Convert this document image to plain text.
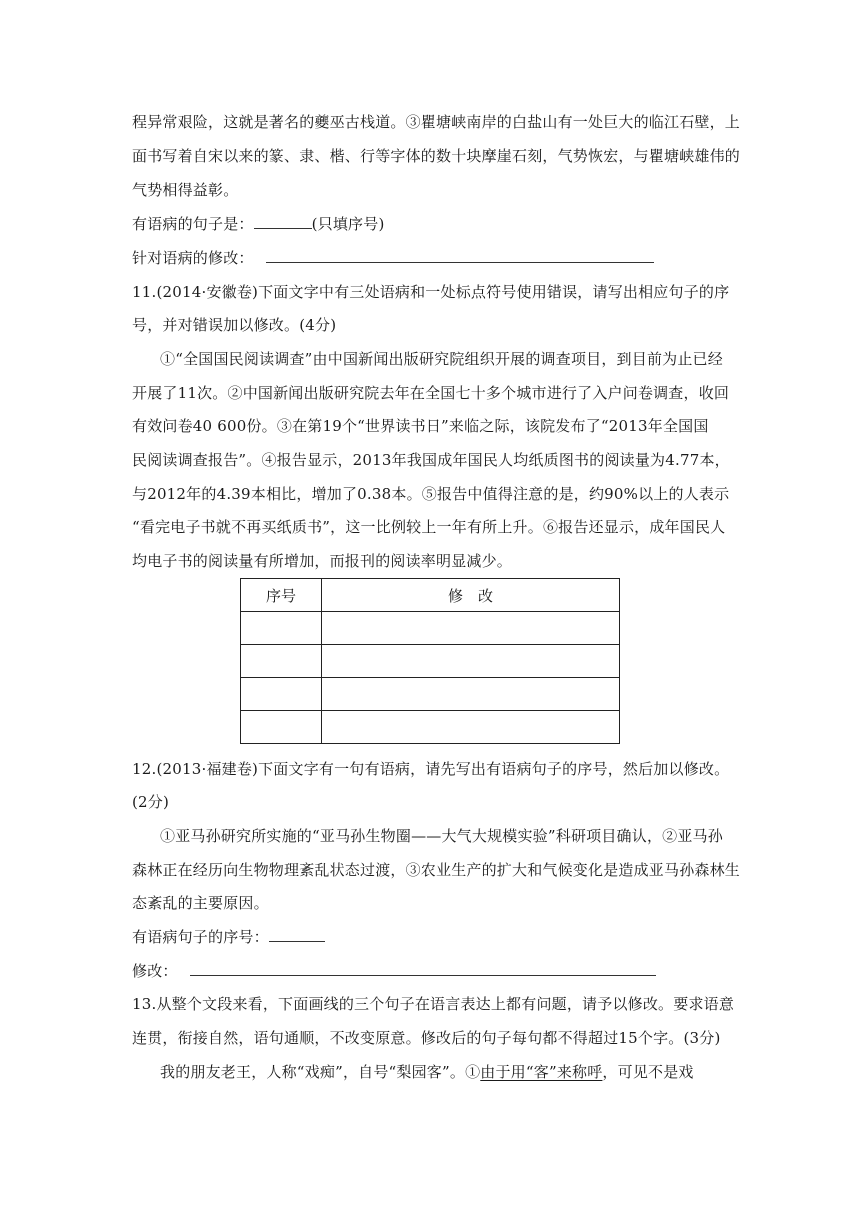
程异常艰险，这就是著名的夔巫古栈道。③瞿塘峡南岸的白盐山有一处巨大的临江石壁，上

面书写着自宋以来的篆、隶、楷、行等字体的数十块摩崖石刻，气势恢宏，与瞿塘峡雄伟的

气势相得益彰。

有语病的句子是：	(只填序号)

针对语病的修改：

11.(2014·安徽卷)下面文字中有三处语病和一处标点符号使用错误，请写出相应句子的序

号，并对错误加以修改。(4分)

①“全国国民阅读调查”由中国新闻出版研究院组织开展的调查项目，到目前为止已经

开展了11次。②中国新闻出版研究院去年在全国七十多个城市进行了入户问卷调查，收回

有效问卷40 600份。③在第19个“世界读书日”来临之际，该院发布了“2013年全国国

民阅读调查报告”。④报告显示，2013年我国成年国民人均纸质图书的阅读量为4.77本，

与2012年的4.39本相比，增加了0.38本。⑤报告中值得注意的是，约90%以上的人表示

“看完电子书就不再买纸质书”，这一比例较上一年有所上升。⑥报告还显示，成年国民人

均电子书的阅读量有所增加，而报刊的阅读率明显减少。

序号	修　改

12.(2013·福建卷)下面文字有一句有语病，请先写出有语病句子的序号，然后加以修改。

(2分)

①亚马孙研究所实施的“亚马孙生物圈——大气大规模实验”科研项目确认，②亚马孙

森林正在经历向生物物理紊乱状态过渡，③农业生产的扩大和气候变化是造成亚马孙森林生

态紊乱的主要原因。

有语病句子的序号：

修改：

13.从整个文段来看，下面画线的三个句子在语言表达上都有问题，请予以修改。要求语意

连贯，衔接自然，语句通顺，不改变原意。修改后的句子每句都不得超过15个字。(3分)

我的朋友老王，人称“戏痴”，自号“梨园客”。①由于用“客”来称呼，可见不是戏
